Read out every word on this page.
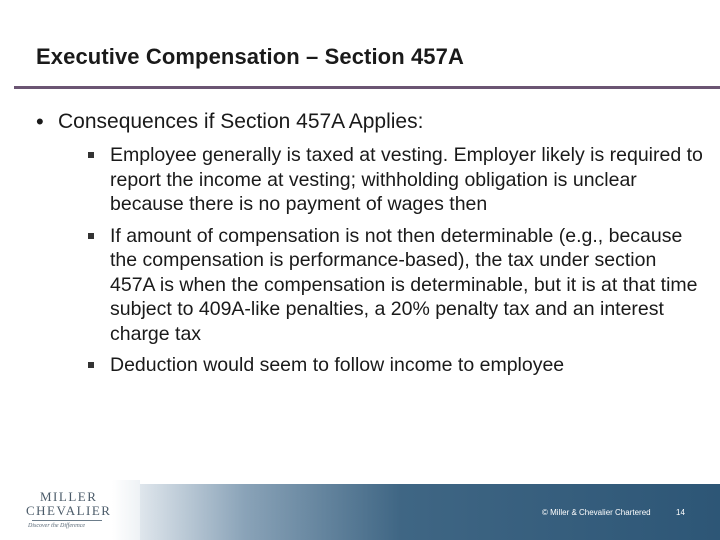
Executive Compensation – Section 457A
• Consequences if Section 457A Applies:
Employee generally is taxed at vesting. Employer likely is required to report the income at vesting; withholding obligation is unclear because there is no payment of wages then
If amount of compensation is not then determinable (e.g., because the compensation is performance-based), the tax under section 457A is when the compensation is determinable, but it is at that time subject to 409A-like penalties, a 20% penalty tax and an interest charge tax
Deduction would seem to follow income to employee
MILLER
CHEVALIER
Discover the Difference
© Miller & Chevalier Chartered	14
